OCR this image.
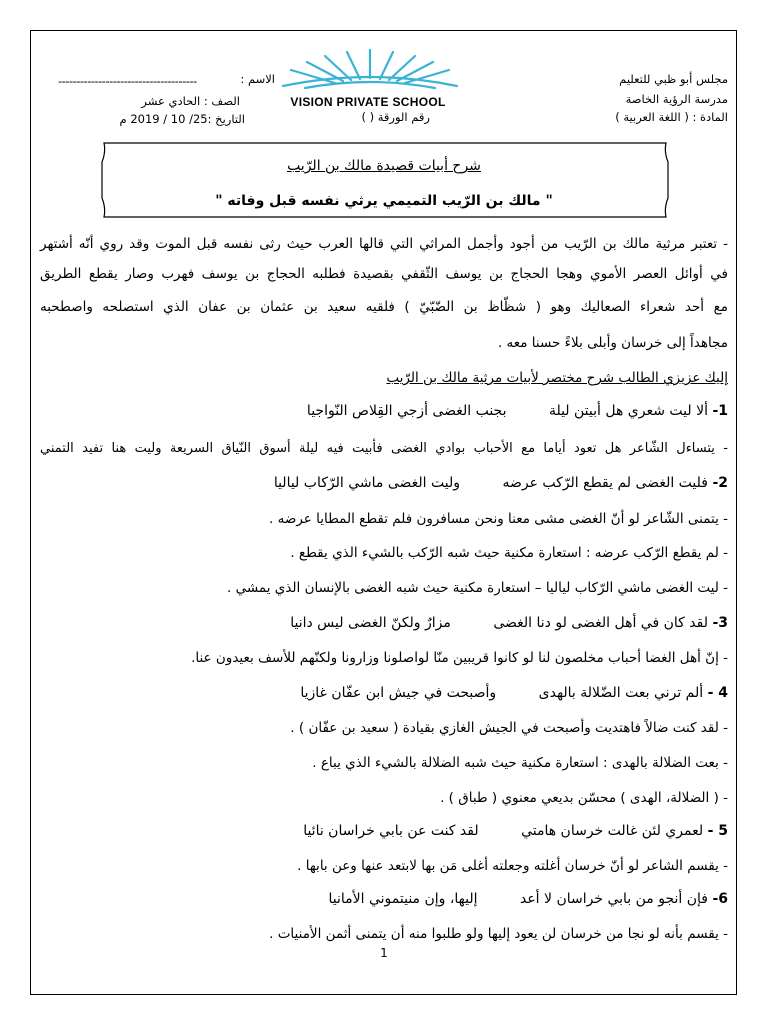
مجلس أبو ظبي للتعليم
مدرسة الرؤية الخاصة
المادة : ( اللغة العربية )
--------------------------------------	الاسم :
الصف : الحادي عشر
التاريخ :25/ 10 / 2019 م
VISION PRIVATE SCHOOL
رقم الورقة ( )
شرح أبيات قصيدة مالك بن الرّيب
" مالك بن الرّيب التميمي يرثي نفسه قبل وفاته "
- تعتبر مرثية مالك بن الرّيب من أجود وأجمل المراثي التي قالها العرب حيث رثى نفسه قبل الموت وقد روي أنّه أشتهر
في أوائل العصر الأموي وهجا الحجاج بن يوسف الثّقفي بقصيدة فطلبه الحجاج بن يوسف فهرب وصار يقطع الطريق
مع أحد شعراء الصعاليك وهو ( شظّاظ بن الضّبّيّ ) فلقيه سعيد بن عثمان بن عفان الذي استصلحه واصطحبه
مجاهداً إلى خرسان وأبلى بلاءً حسنا معه .
إليك عزيزي الطالب شرح مختصر لأبيات مرثية مالك بن الرّيب
1- ألا ليت شعري هل أبيتن ليلة بجنب الغضى أزجي القِلاص النّواجيا
- يتساءل الشّاعر هل تعود أياما مع الأحباب بوادي الغضى فأبيت فيه ليلة أسوق النّياق السريعة وليت هنا تفيد التمني
2- فليت الغضى لم يقطع الرّكب عرضه وليت الغضى ماشي الرّكاب لياليا
- يتمنى الشّاعر لو أنّ الغضى مشى معنا ونحن مسافرون فلم تقطع المطايا عرضه .
- لم يقطع الرّكب عرضه : استعارة مكنية حيث شبه الرّكب بالشيء الذي يقطع .
- ليت الغضى ماشي الرّكاب لياليا – استعارة مكنية حيث شبه الغضى بالإنسان الذي يمشي .
3- لقد كان في أهل الغضى لو دنا الغضى مزارٌ ولكنّ الغضى ليس دانيا
- إنّ أهل الغضا أحباب مخلصون لنا لو كانوا قريبين منّا لواصلونا وزارونا ولكنّهم للأسف بعيدون عنا.
4 - ألم ترني بعت الضّلالة بالهدى وأصبحت في جيش ابن عفّان غازيا
- لقد كنت ضالاً فاهتديت وأصبحت في الجيش الغازي بقيادة ( سعيد بن عفّان ) .
- بعت الضلالة بالهدى : استعارة مكنية حيث شبه الضلالة بالشيء الذي يباع .
- ( الضلالة، الهدى ) محسّن بديعي معنوي ( طباق ) .
5 - لعمري لئن غالت خرسان هامتي لقد كنت عن بابي خراسان نائيا
- يقسم الشاعر لو أنّ خرسان أغلته وجعلته أغلى مَن بها لابتعد عنها وعن بابها .
6- فإن أنجو من بابي خراسان لا أعد إليها، وإن منيتموني الأمانيا
- يقسم بأنه لو نجا من خرسان لن يعود إليها ولو طلبوا منه أن يتمنى أثمن الأمنيات .
1
